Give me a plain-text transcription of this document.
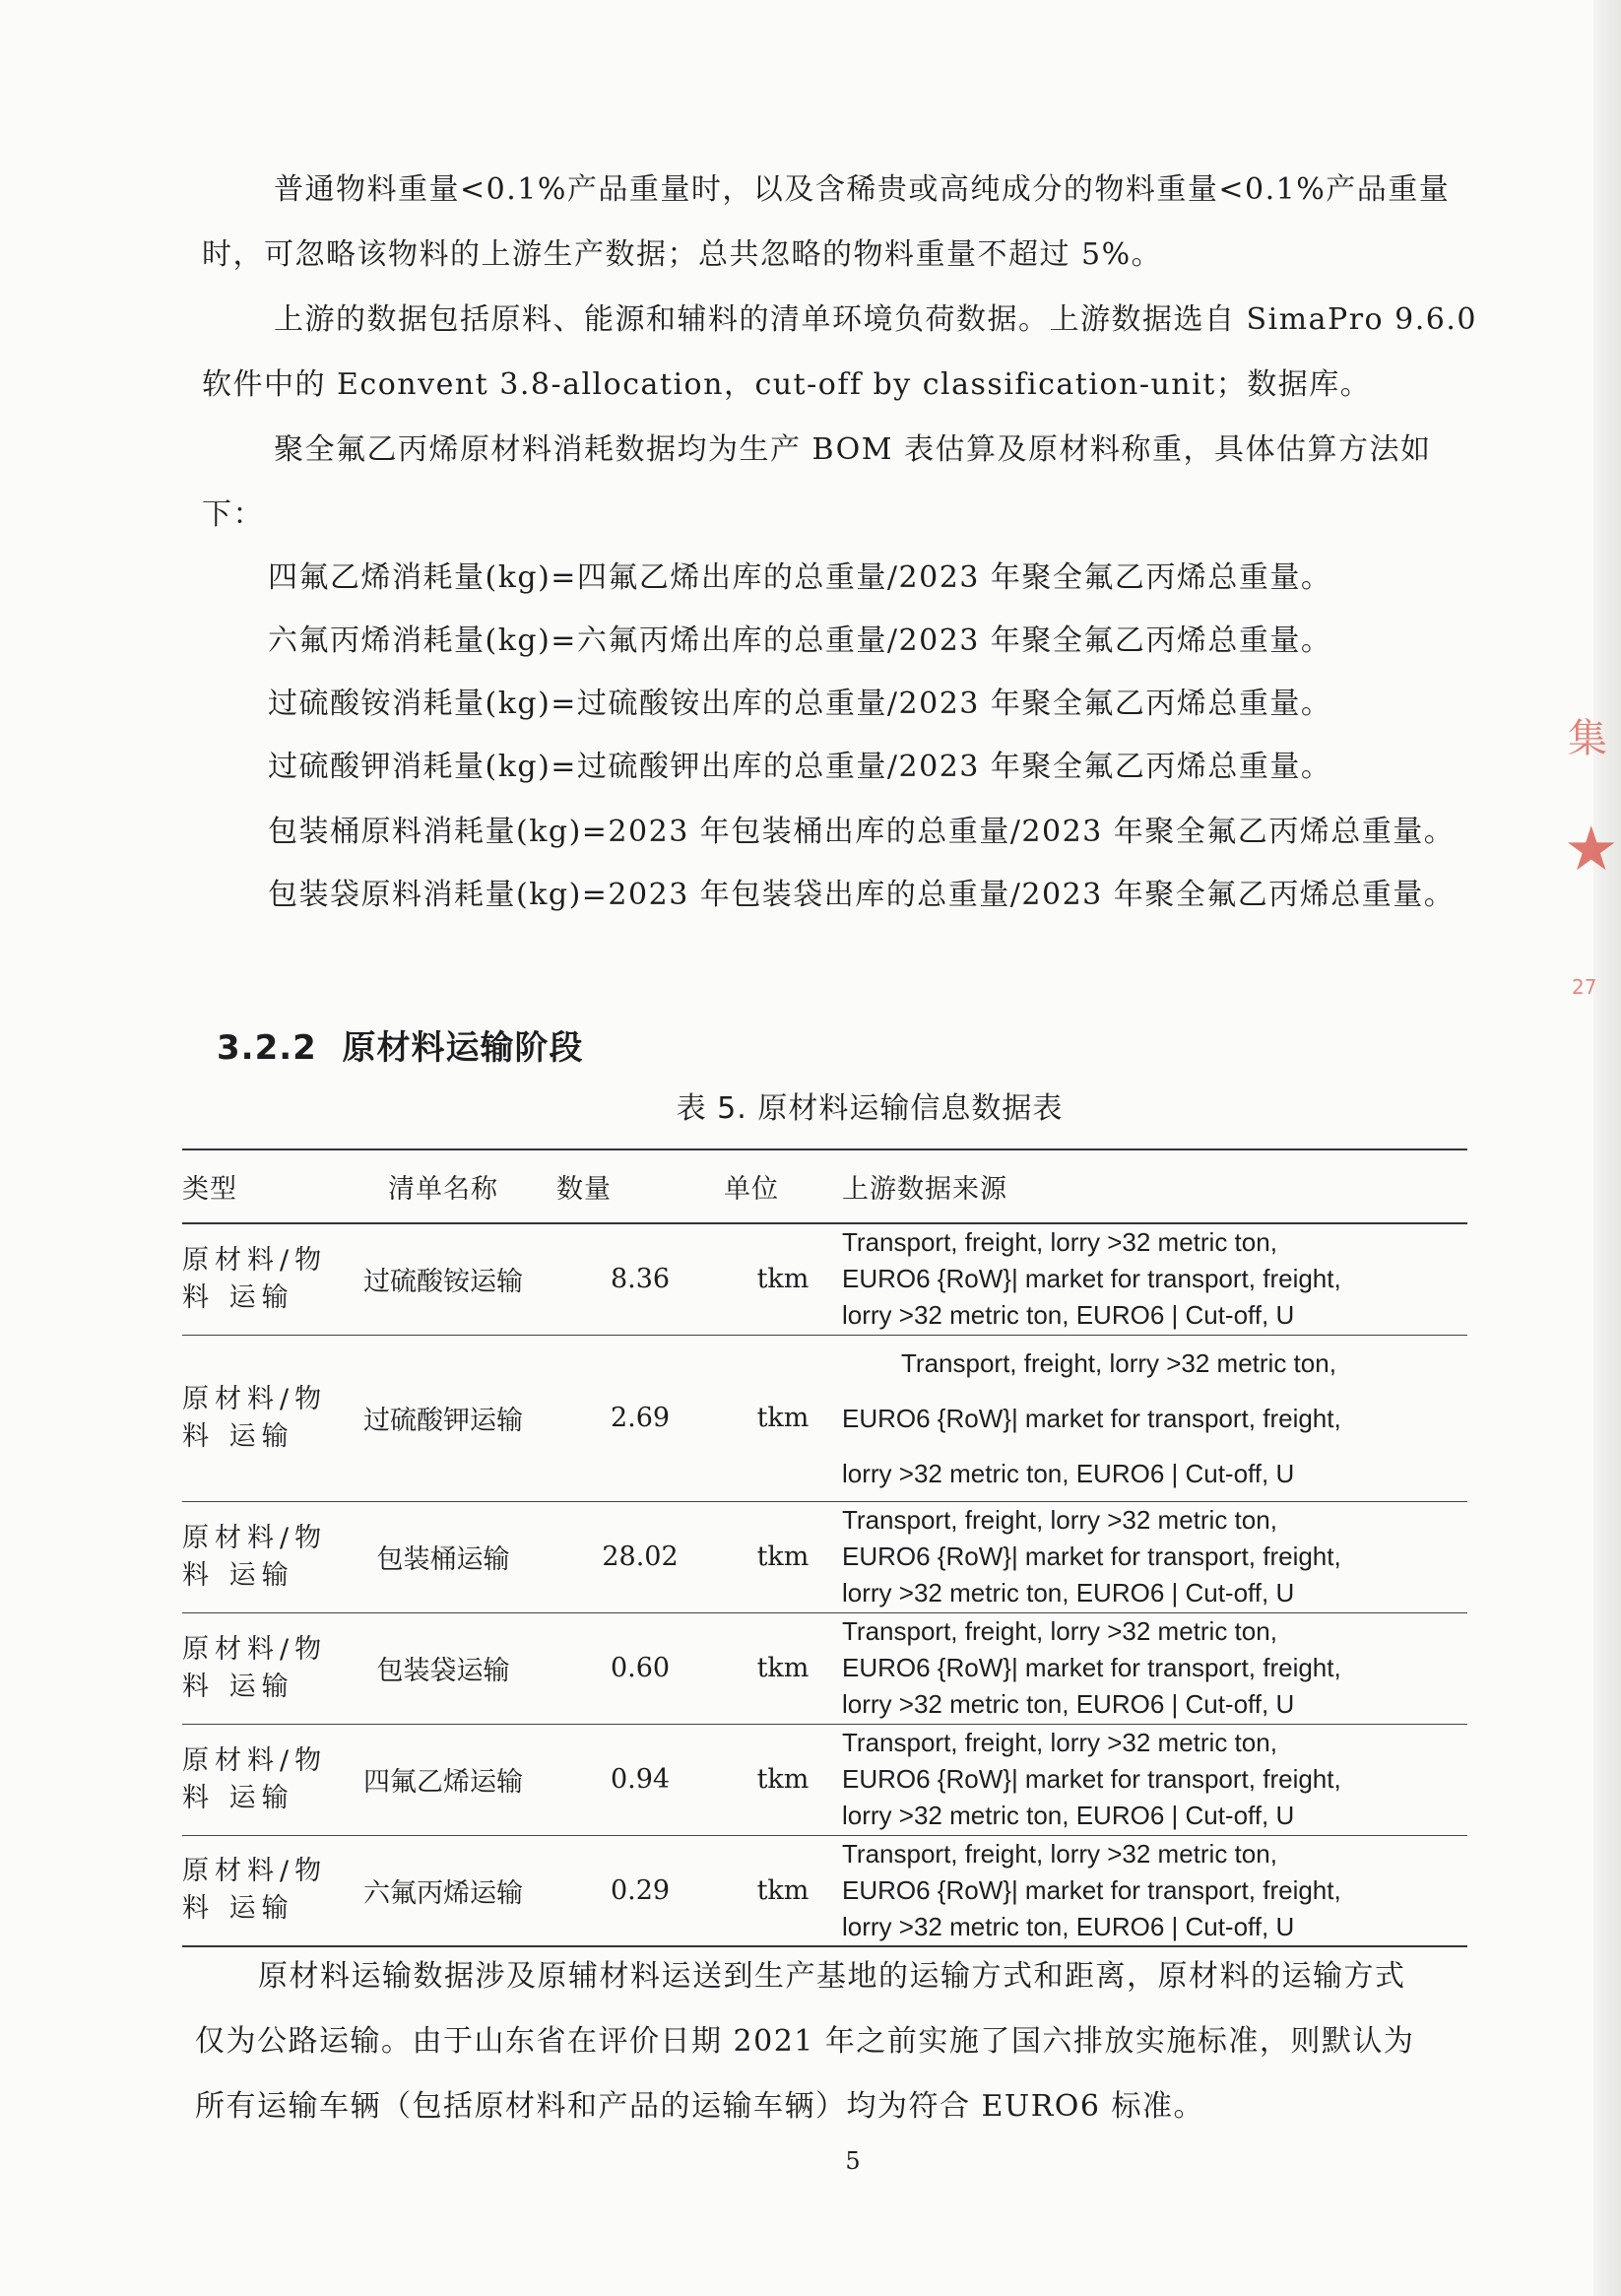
普通物料重量<0.1%产品重量时，以及含稀贵或高纯成分的物料重量<0.1%产品重量

时，可忽略该物料的上游生产数据；总共忽略的物料重量不超过 5%。

上游的数据包括原料、能源和辅料的清单环境负荷数据。上游数据选自 SimaPro 9.6.0

软件中的 Econvent 3.8-allocation，cut-off by classification-unit；数据库。

聚全氟乙丙烯原材料消耗数据均为生产 BOM 表估算及原材料称重，具体估算方法如

下：

四氟乙烯消耗量(kg)=四氟乙烯出库的总重量/2023 年聚全氟乙丙烯总重量。

六氟丙烯消耗量(kg)=六氟丙烯出库的总重量/2023 年聚全氟乙丙烯总重量。

过硫酸铵消耗量(kg)=过硫酸铵出库的总重量/2023 年聚全氟乙丙烯总重量。

过硫酸钾消耗量(kg)=过硫酸钾出库的总重量/2023 年聚全氟乙丙烯总重量。

包装桶原料消耗量(kg)=2023 年包装桶出库的总重量/2023 年聚全氟乙丙烯总重量。

包装袋原料消耗量(kg)=2023 年包装袋出库的总重量/2023 年聚全氟乙丙烯总重量。

3.2.2 原材料运输阶段

表 5. 原材料运输信息数据表

类型	清单名称	数量	单位	上游数据来源
原材料/物
料 运输	过硫酸铵运输	8.36	tkm	Transport, freight, lorry >32 metric ton,
EURO6 {RoW}| market for transport, freight,
lorry >32 metric ton, EURO6 | Cut-off, U

原材料/物
料 运输	过硫酸钾运输	2.69	tkm	Transport, freight, lorry >32 metric ton,
EURO6 {RoW}| market for transport, freight,
lorry >32 metric ton, EURO6 | Cut-off, U

原材料/物
料 运输	包装桶运输	28.02	tkm	Transport, freight, lorry >32 metric ton,
EURO6 {RoW}| market for transport, freight,
lorry >32 metric ton, EURO6 | Cut-off, U

原材料/物
料 运输	包装袋运输	0.60	tkm	Transport, freight, lorry >32 metric ton,
EURO6 {RoW}| market for transport, freight,
lorry >32 metric ton, EURO6 | Cut-off, U

原材料/物
料 运输	四氟乙烯运输	0.94	tkm	Transport, freight, lorry >32 metric ton,
EURO6 {RoW}| market for transport, freight,
lorry >32 metric ton, EURO6 | Cut-off, U

原材料/物
料 运输	六氟丙烯运输	0.29	tkm	Transport, freight, lorry >32 metric ton,
EURO6 {RoW}| market for transport, freight,
lorry >32 metric ton, EURO6 | Cut-off, U

原材料运输数据涉及原辅材料运送到生产基地的运输方式和距离，原材料的运输方式

仅为公路运输。由于山东省在评价日期 2021 年之前实施了国六排放实施标准，则默认为

所有运输车辆（包括原材料和产品的运输车辆）均为符合 EURO6 标准。

5

集
★
27
